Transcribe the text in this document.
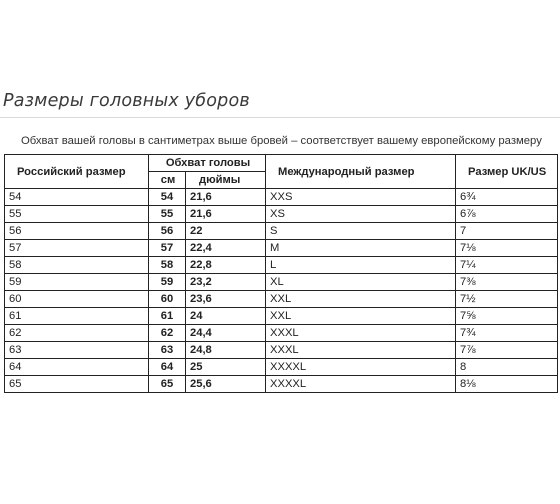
Размеры головных уборов
Обхват вашей головы в сантиметрах выше бровей – соответствует вашему европейскому размеру
Российский размер	Обхват головы		Международный размер	Размер UK/US
	см	дюймы		
54	54	21,6	XXS	6¾
55	55	21,6	XS	6⅞
56	56	22	S	7
57	57	22,4	M	7⅛
58	58	22,8	L	7¼
59	59	23,2	XL	7⅜
60	60	23,6	XXL	7½
61	61	24	XXL	7⅝
62	62	24,4	XXXL	7¾
63	63	24,8	XXXL	7⅞
64	64	25	XXXXL	8
65	65	25,6	XXXXL	8⅛
